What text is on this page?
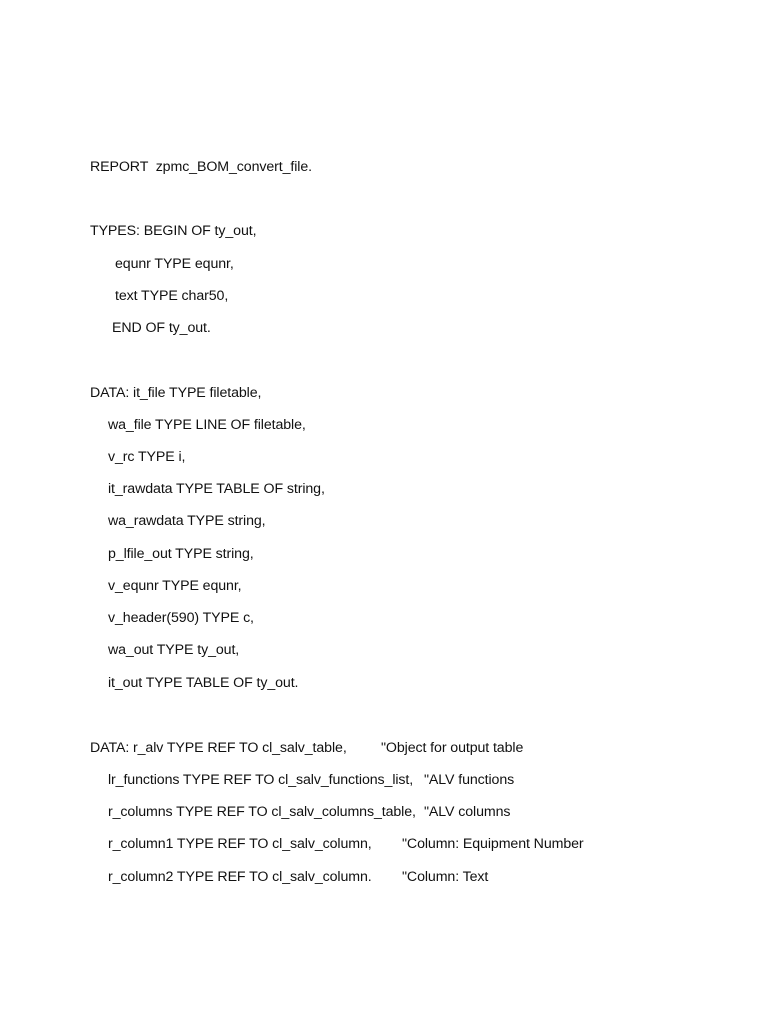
REPORT  zpmc_BOM_convert_file.
TYPES: BEGIN OF ty_out,
equnr TYPE equnr,
text TYPE char50,
END OF ty_out.
DATA: it_file TYPE filetable,
wa_file TYPE LINE OF filetable,
v_rc TYPE i,
it_rawdata TYPE TABLE OF string,
wa_rawdata TYPE string,
p_lfile_out TYPE string,
v_equnr TYPE equnr,
v_header(590) TYPE c,
wa_out TYPE ty_out,
it_out TYPE TABLE OF ty_out.
DATA: r_alv TYPE REF TO cl_salv_table, "Object for output table
lr_functions TYPE REF TO cl_salv_functions_list, "ALV functions
r_columns TYPE REF TO cl_salv_columns_table, "ALV columns
r_column1 TYPE REF TO cl_salv_column, "Column: Equipment Number
r_column2 TYPE REF TO cl_salv_column. "Column: Text
